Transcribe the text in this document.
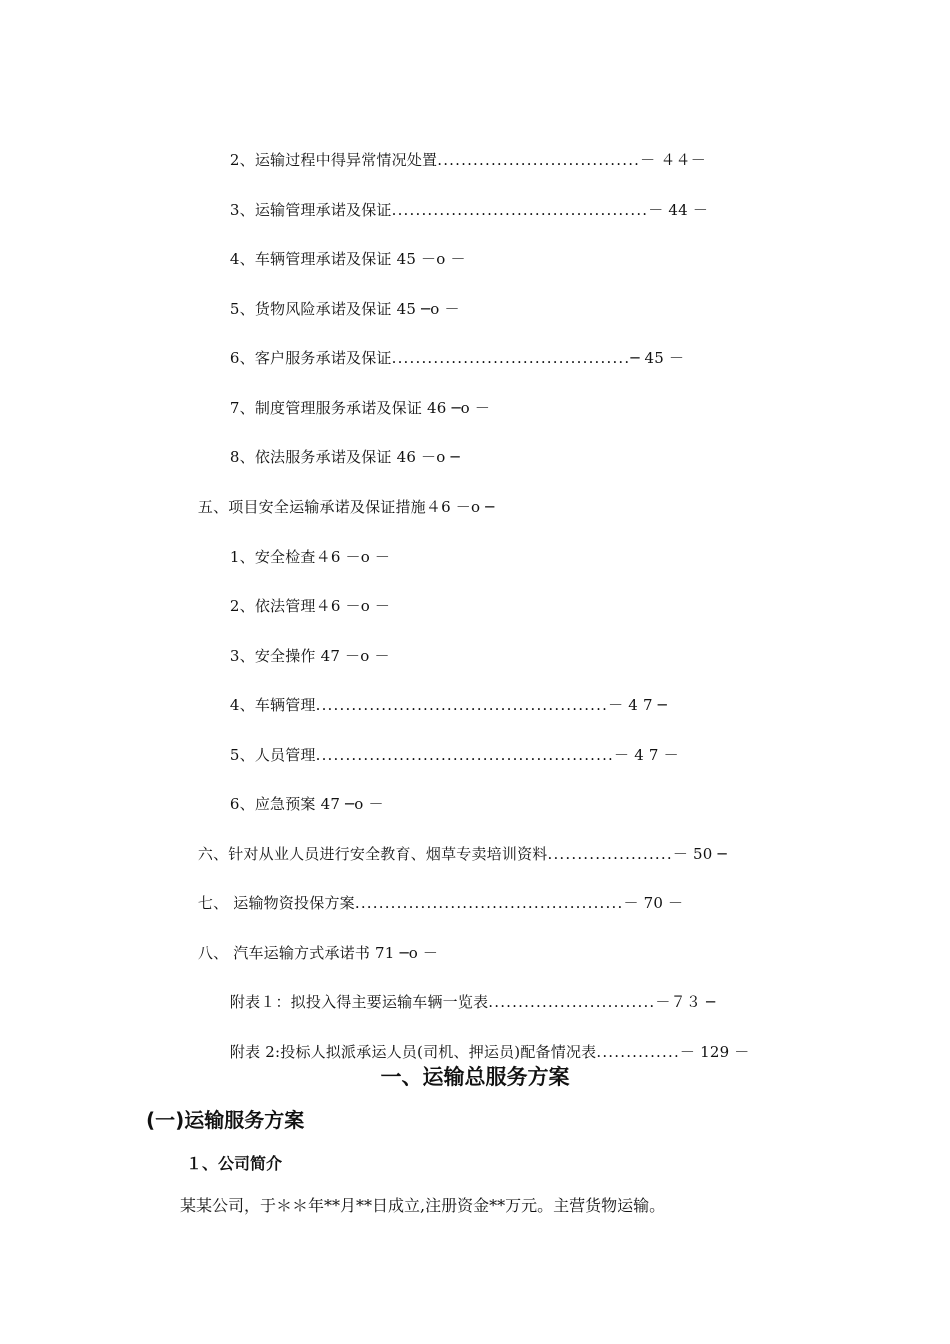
2、运输过程中得异常情况处置..................................－ ４４－

3、运输管理承诺及保证...........................................－ 44 －

4、车辆管理承诺及保证 45 －o －

5、货物风险承诺及保证 45 ─o －

6、客户服务承诺及保证........................................─ 45 －

7、制度管理服务承诺及保证 46 ─o －

8、依法服务承诺及保证 46 －o ─

五、项目安全运输承诺及保证措施４6 －o ─

1、安全检查４6 －o －

2、依法管理４6 －o －

3、安全操作 47 －o －

4、车辆管理.................................................－ 4 7 ─

5、人员管理..................................................－ 4 7 －

6、应急预案 47 ─o －

六、针对从业人员进行安全教育、烟草专卖培训资料.....................－ 50 ─

七、 运输物资投保方案.............................................－ 70 －

八、 汽车运输方式承诺书 71 ─o －

附表１：拟投入得主要运输车辆一览表............................－７３ ─

附表 2:投标人拟派承运人员(司机、押运员)配备情况表..............－ 129 －

一、运输总服务方案
(一)运输服务方案
１、公司简介
某某公司，于＊＊年**月**日成立,注册资金**万元。主营货物运输。
